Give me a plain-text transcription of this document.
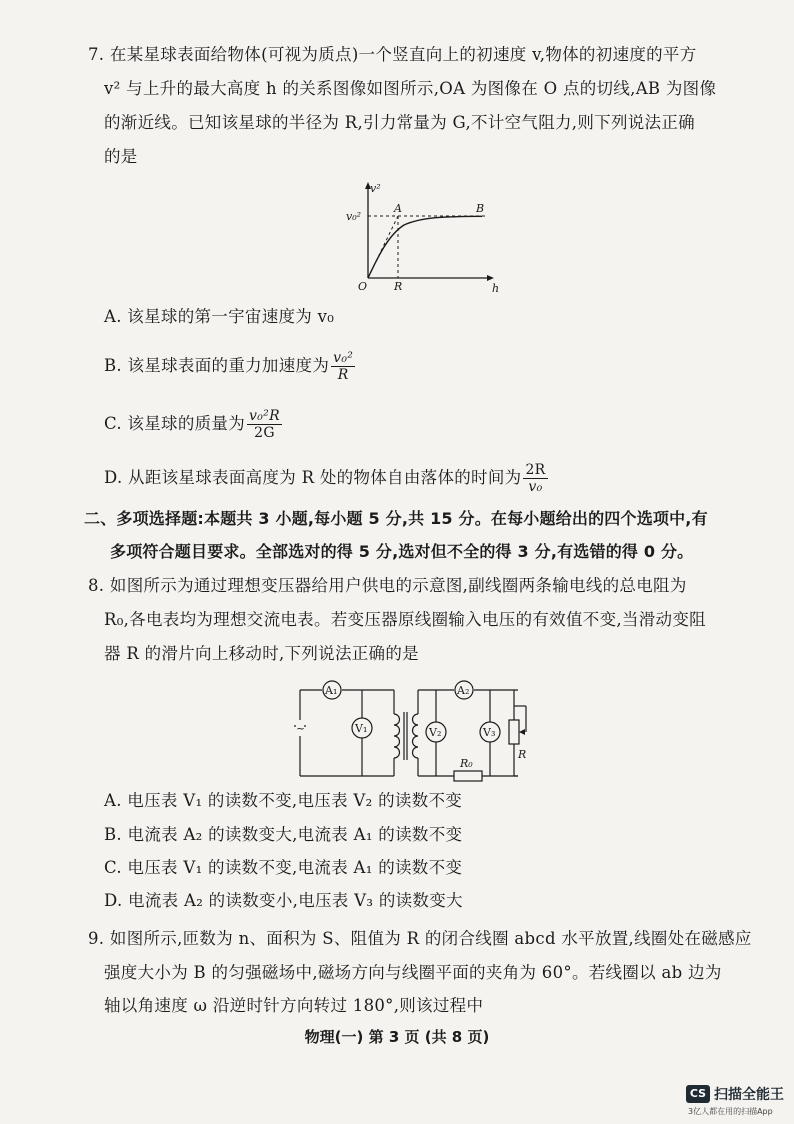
7. 在某星球表面给物体(可视为质点)一个竖直向上的初速度 v,物体的初速度的平方
v² 与上升的最大高度 h 的关系图像如图所示,OA 为图像在 O 点的切线,AB 为图像
的渐近线。已知该星球的半径为 R,引力常量为 G,不计空气阻力,则下列说法正确
的是
v²
h
O
A	B
R
v₀²
A. 该星球的第一宇宙速度为 v₀
B. 该星球表面的重力加速度为 $\frac{\text{v₀²}}{R}$
C. 该星球的质量为 $\frac{\text{v₀²R}}{2G}$
D. 从距该星球表面高度为 R 处的物体自由落体的时间为 $\frac{2R}{\text{v₀}}$
二、多项选择题:本题共 3 小题,每小题 5 分,共 15 分。在每小题给出的四个选项中,有
多项符合题目要求。全部选对的得 5 分,选对但不全的得 3 分,有选错的得 0 分。
8. 如图所示为通过理想变压器给用户供电的示意图,副线圈两条输电线的总电阻为
R₀,各电表均为理想交流电表。若变压器原线圈输入电压的有效值不变,当滑动变阻
器 R 的滑片向上移动时,下列说法正确的是
~
A₁
V₁
A₂
V₂	V₃
R₀
R
A. 电压表 V₁ 的读数不变,电压表 V₂ 的读数不变
B. 电流表 A₂ 的读数变大,电流表 A₁ 的读数不变
C. 电压表 V₁ 的读数不变,电流表 A₁ 的读数不变
D. 电流表 A₂ 的读数变小,电压表 V₃ 的读数变大
9. 如图所示,匝数为 n、面积为 S、阻值为 R 的闭合线圈 abcd 水平放置,线圈处在磁感应
强度大小为 B 的匀强磁场中,磁场方向与线圈平面的夹角为 60°。若线圈以 ab 边为
轴以角速度 ω 沿逆时针方向转过 180°,则该过程中
物理(一) 第 3 页 (共 8 页)
CS 扫描全能王
3亿人都在用的扫描App
